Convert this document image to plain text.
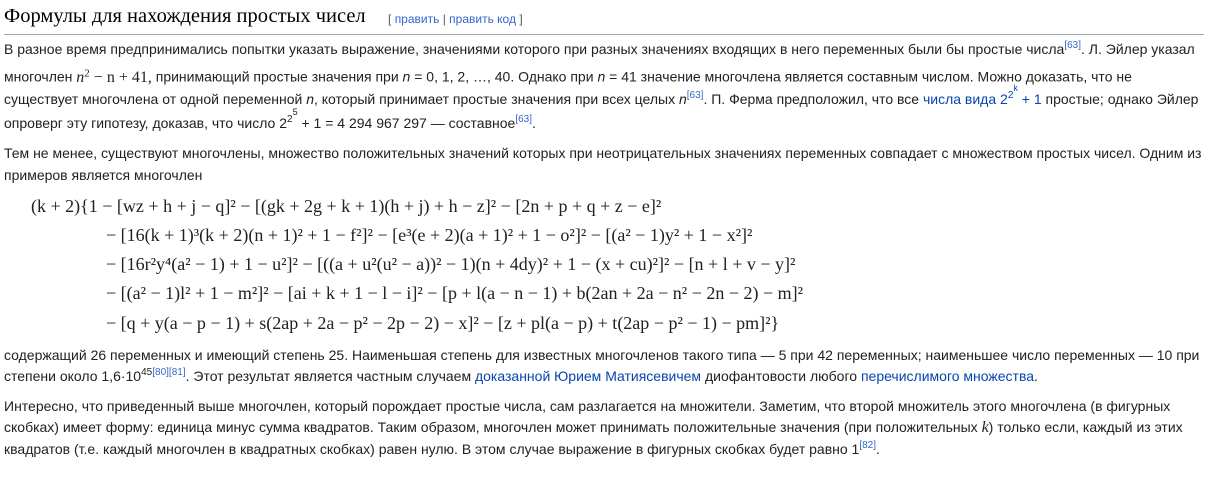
Формулы для нахождения простых чисел [ править | править код ]
В разное время предпринимались попытки указать выражение, значениями которого при разных значениях входящих в него переменных были бы простые числа[63]. Л. Эйлер указал
многочлен $n^2 - n + 41$, принимающий простые значения при n = 0, 1, 2, …, 40. Однако при n = 41 значение многочлена является составным числом. Можно доказать, что не
существует многочлена от одной переменной n, который принимает простые значения при всех целых n[63]. П. Ферма предположил, что все числа вида 2$^{2k}$ + 1 простые; однако Эйлер
опроверг эту гипотезу, доказав, что число $2^{25} + 1 = 4$ 294 967 297 — составное[63].
Тем не менее, существуют многочлены, множество положительных значений которых при неотрицательных значениях переменных совпадает с множеством простых чисел. Одним из
примеров является многочлен
(k + 2){1 − [wz + h + j − q]² − [(gk + 2g + k + 1)(h + j) + h − z]² − [2n + p + q + z − e]²
− [16(k + 1)³(k + 2)(n + 1)² + 1 − f²]² − [e³(e + 2)(a + 1)² + 1 − o²]² − [(a² − 1)y² + 1 − x²]²
− [16r²y⁴(a² − 1) + 1 − u²]² − [((a + u²(u² − a))² − 1)(n + 4dy)² + 1 − (x + cu)²]² − [n + l + v − y]²
− [(a² − 1)l² + 1 − m²]² − [ai + k + 1 − l − i]² − [p + l(a − n − 1) + b(2an + 2a − n² − 2n − 2) − m]²
− [q + y(a − p − 1) + s(2ap + 2a − p² − 2p − 2) − x]² − [z + pl(a − p) + t(2ap − p² − 1) − pm]²}
содержащий 26 переменных и имеющий степень 25. Наименьшая степень для известных многочленов такого типа — 5 при 42 переменных; наименьшее число переменных — 10 при
степени около 1,6·10$^{45[80][81]}$. Этот результат является частным случаем доказанной Юрием Матиясевичем диофантовости любого перечислимого множества.
Интересно, что приведенный выше многочлен, который порождает простые числа, сам разлагается на множители. Заметим, что второй множитель этого многочлена (в фигурных
скобках) имеет форму: единица минус сумма квадратов. Таким образом, многочлен может принимать положительные значения (при положительных k) только если, каждый из этих
квадратов (т.е. каждый многочлен в квадратных скобках) равен нулю. В этом случае выражение в фигурных скобках будет равно 1[82].
